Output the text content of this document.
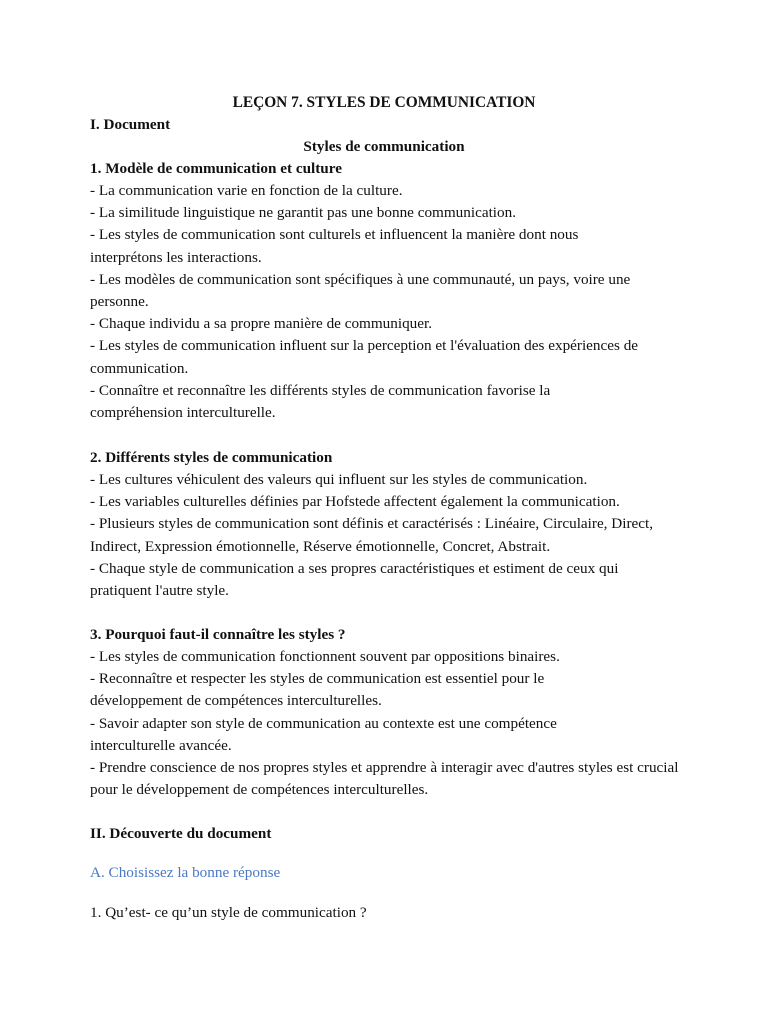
LEÇON 7. STYLES DE COMMUNICATION
I. Document
Styles de communication
1. Modèle de communication et culture

- La communication varie en fonction de la culture.

- La similitude linguistique ne garantit pas une bonne communication.

- Les styles de communication sont culturels et influencent la manière dont nous interprétons les interactions.

- Les modèles de communication sont spécifiques à une communauté, un pays, voire une personne.

- Chaque individu a sa propre manière de communiquer.

- Les styles de communication influent sur la perception et l'évaluation des expériences de communication.

- Connaître et reconnaître les différents styles de communication favorise la compréhension interculturelle.

2. Différents styles de communication

- Les cultures véhiculent des valeurs qui influent sur les styles de communication.

- Les variables culturelles définies par Hofstede affectent également la communication.

- Plusieurs styles de communication sont définis et caractérisés : Linéaire, Circulaire, Direct, Indirect, Expression émotionnelle, Réserve émotionnelle, Concret, Abstrait.

- Chaque style de communication a ses propres caractéristiques et estiment de ceux qui pratiquent l'autre style.

3. Pourquoi faut-il connaître les styles ?

- Les styles de communication fonctionnent souvent par oppositions binaires.

- Reconnaître et respecter les styles de communication est essentiel pour le développement de compétences interculturelles.

- Savoir adapter son style de communication au contexte est une compétence interculturelle avancée.

- Prendre conscience de nos propres styles et apprendre à interagir avec d'autres styles est crucial pour le développement de compétences interculturelles.

II. Découverte du document
A. Choisissez la bonne réponse
1. Qu’est- ce qu’un style de communication ?
